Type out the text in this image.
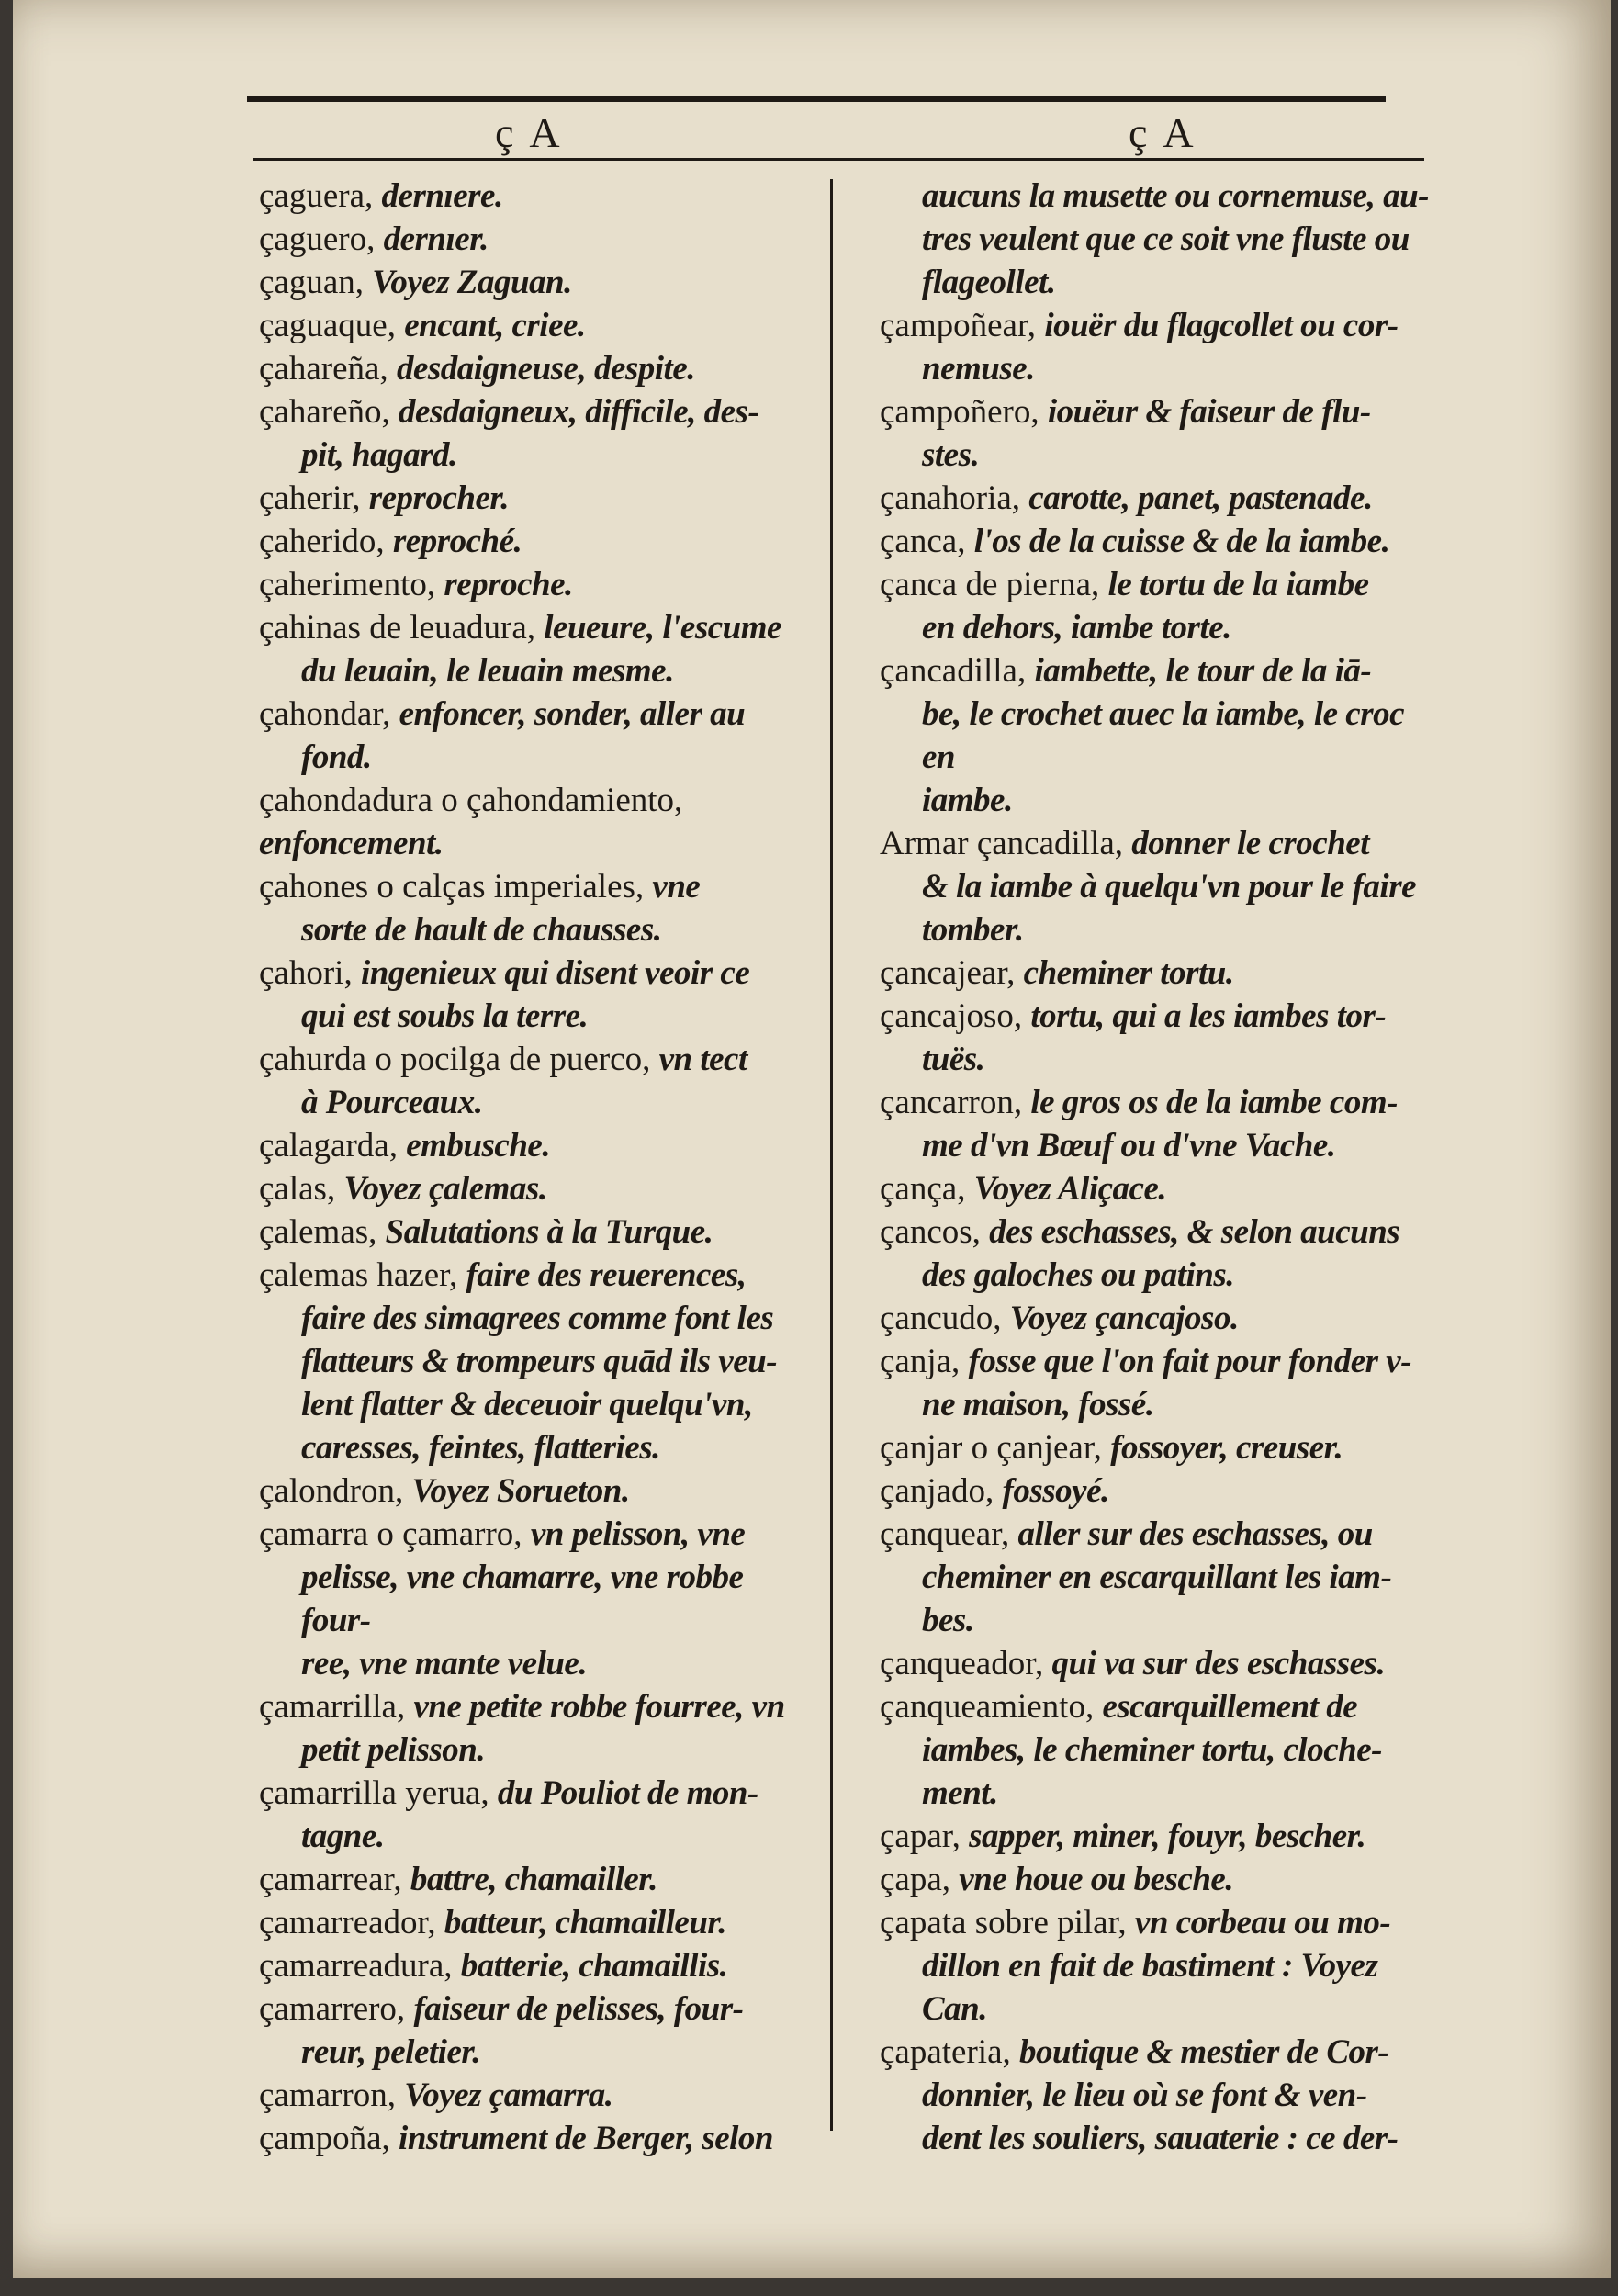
ç A	ç A
çaguera, dernıere.
çaguero, dernıer.
çaguan, Voyez Zaguan.
çaguaque, encant, criee.
çahareña, desdaigneuse, despite.
çahareño, desdaigneux, difficile, des-
pit, hagard.
çaherir, reprocher.
çaherido, reproché.
çaherimento, reproche.
çahinas de leuadura, leueure, l'escume
du leuain, le leuain mesme.
çahondar, enfoncer, sonder, aller au
fond.
çahondadura o çahondamiento, enfoncement.
çahones o calças imperiales, vne
sorte de hault de chausses.
çahori, ingenieux qui disent veoir ce
qui est soubs la terre.
çahurda o pocilga de puerco, vn tect
à Pourceaux.
çalagarda, embusche.
çalas, Voyez çalemas.
çalemas, Salutations à la Turque.
çalemas hazer, faire des reuerences,
faire des simagrees comme font les
flatteurs & trompeurs quād ils veu-
lent flatter & deceuoir quelqu'vn,
caresses, feintes, flatteries.
çalondron, Voyez Sorueton.
çamarra o çamarro, vn pelisson, vne
pelisse, vne chamarre, vne robbe four-
ree, vne mante velue.
çamarrilla, vne petite robbe fourree, vn
petit pelisson.
çamarrilla yerua, du Pouliot de mon-
tagne.
çamarrear, battre, chamailler.
çamarreador, batteur, chamailleur.
çamarreadura, batterie, chamaillis.
çamarrero, faiseur de pelisses, four-
reur, peletier.
çamarron, Voyez çamarra.
çampoña, instrument de Berger, selon
aucuns la musette ou cornemuse, au-
tres veulent que ce soit vne fluste ou
flageollet.
çampoñear, iouër du flagcollet ou cor-
nemuse.
çampoñero, iouëur & faiseur de flu-
stes.
çanahoria, carotte, panet, pastenade.
çanca, l'os de la cuisse & de la iambe.
çanca de pierna, le tortu de la iambe
en dehors, iambe torte.
çancadilla, iambette, le tour de la iā-
be, le crochet auec la iambe, le croc en
iambe.
Armar çancadilla, donner le crochet
& la iambe à quelqu'vn pour le faire
tomber.
çancajear, cheminer tortu.
çancajoso, tortu, qui a les iambes tor-
tuës.
çancarron, le gros os de la iambe com-
me d'vn Bœuf ou d'vne Vache.
çança, Voyez Aliçace.
çancos, des eschasses, & selon aucuns
des galoches ou patins.
çancudo, Voyez çancajoso.
çanja, fosse que l'on fait pour fonder v-
ne maison, fossé.
çanjar o çanjear, fossoyer, creuser.
çanjado, fossoyé.
çanquear, aller sur des eschasses, ou
cheminer en escarquillant les iam-
bes.
çanqueador, qui va sur des eschasses.
çanqueamiento, escarquillement de
iambes, le cheminer tortu, cloche-
ment.
çapar, sapper, miner, fouyr, bescher.
çapa, vne houe ou besche.
çapata sobre pilar, vn corbeau ou mo-
dillon en fait de bastiment : Voyez
Can.
çapateria, boutique & mestier de Cor-
donnier, le lieu où se font & ven-
dent les souliers, sauaterie : ce der-
